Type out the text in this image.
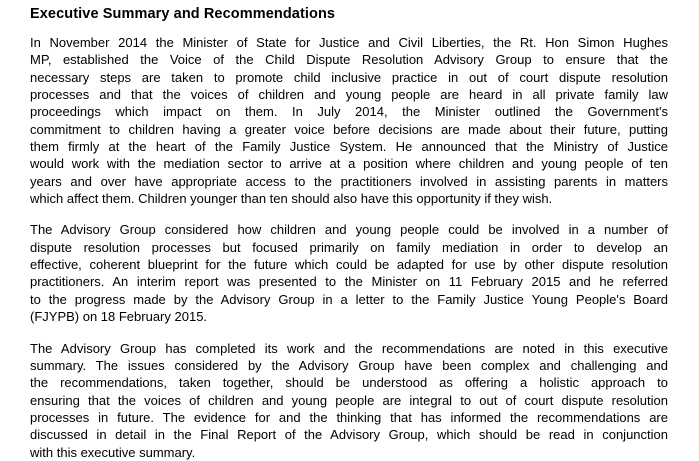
Executive Summary and Recommendations

In November 2014 the Minister of State for Justice and Civil Liberties, the Rt. Hon Simon Hughes
MP, established the Voice of the Child Dispute Resolution Advisory Group to ensure that the
necessary steps are taken to promote child inclusive practice in out of court dispute resolution
processes and that the voices of children and young people are heard in all private family law
proceedings which impact on them. In July 2014, the Minister outlined the Government's
commitment to children having a greater voice before decisions are made about their future, putting
them firmly at the heart of the Family Justice System. He announced that the Ministry of Justice
would work with the mediation sector to arrive at a position where children and young people of ten
years and over have appropriate access to the practitioners involved in assisting parents in matters
which affect them. Children younger than ten should also have this opportunity if they wish.

The Advisory Group considered how children and young people could be involved in a number of
dispute resolution processes but focused primarily on family mediation in order to develop an
effective, coherent blueprint for the future which could be adapted for use by other dispute resolution
practitioners. An interim report was presented to the Minister on 11 February 2015 and he referred
to the progress made by the Advisory Group in a letter to the Family Justice Young People's Board
(FJYPB) on 18 February 2015.

The Advisory Group has completed its work and the recommendations are noted in this executive
summary. The issues considered by the Advisory Group have been complex and challenging and
the recommendations, taken together, should be understood as offering a holistic approach to
ensuring that the voices of children and young people are integral to out of court dispute resolution
processes in future. The evidence for and the thinking that has informed the recommendations are
discussed in detail in the Final Report of the Advisory Group, which should be read in conjunction
with this executive summary.
